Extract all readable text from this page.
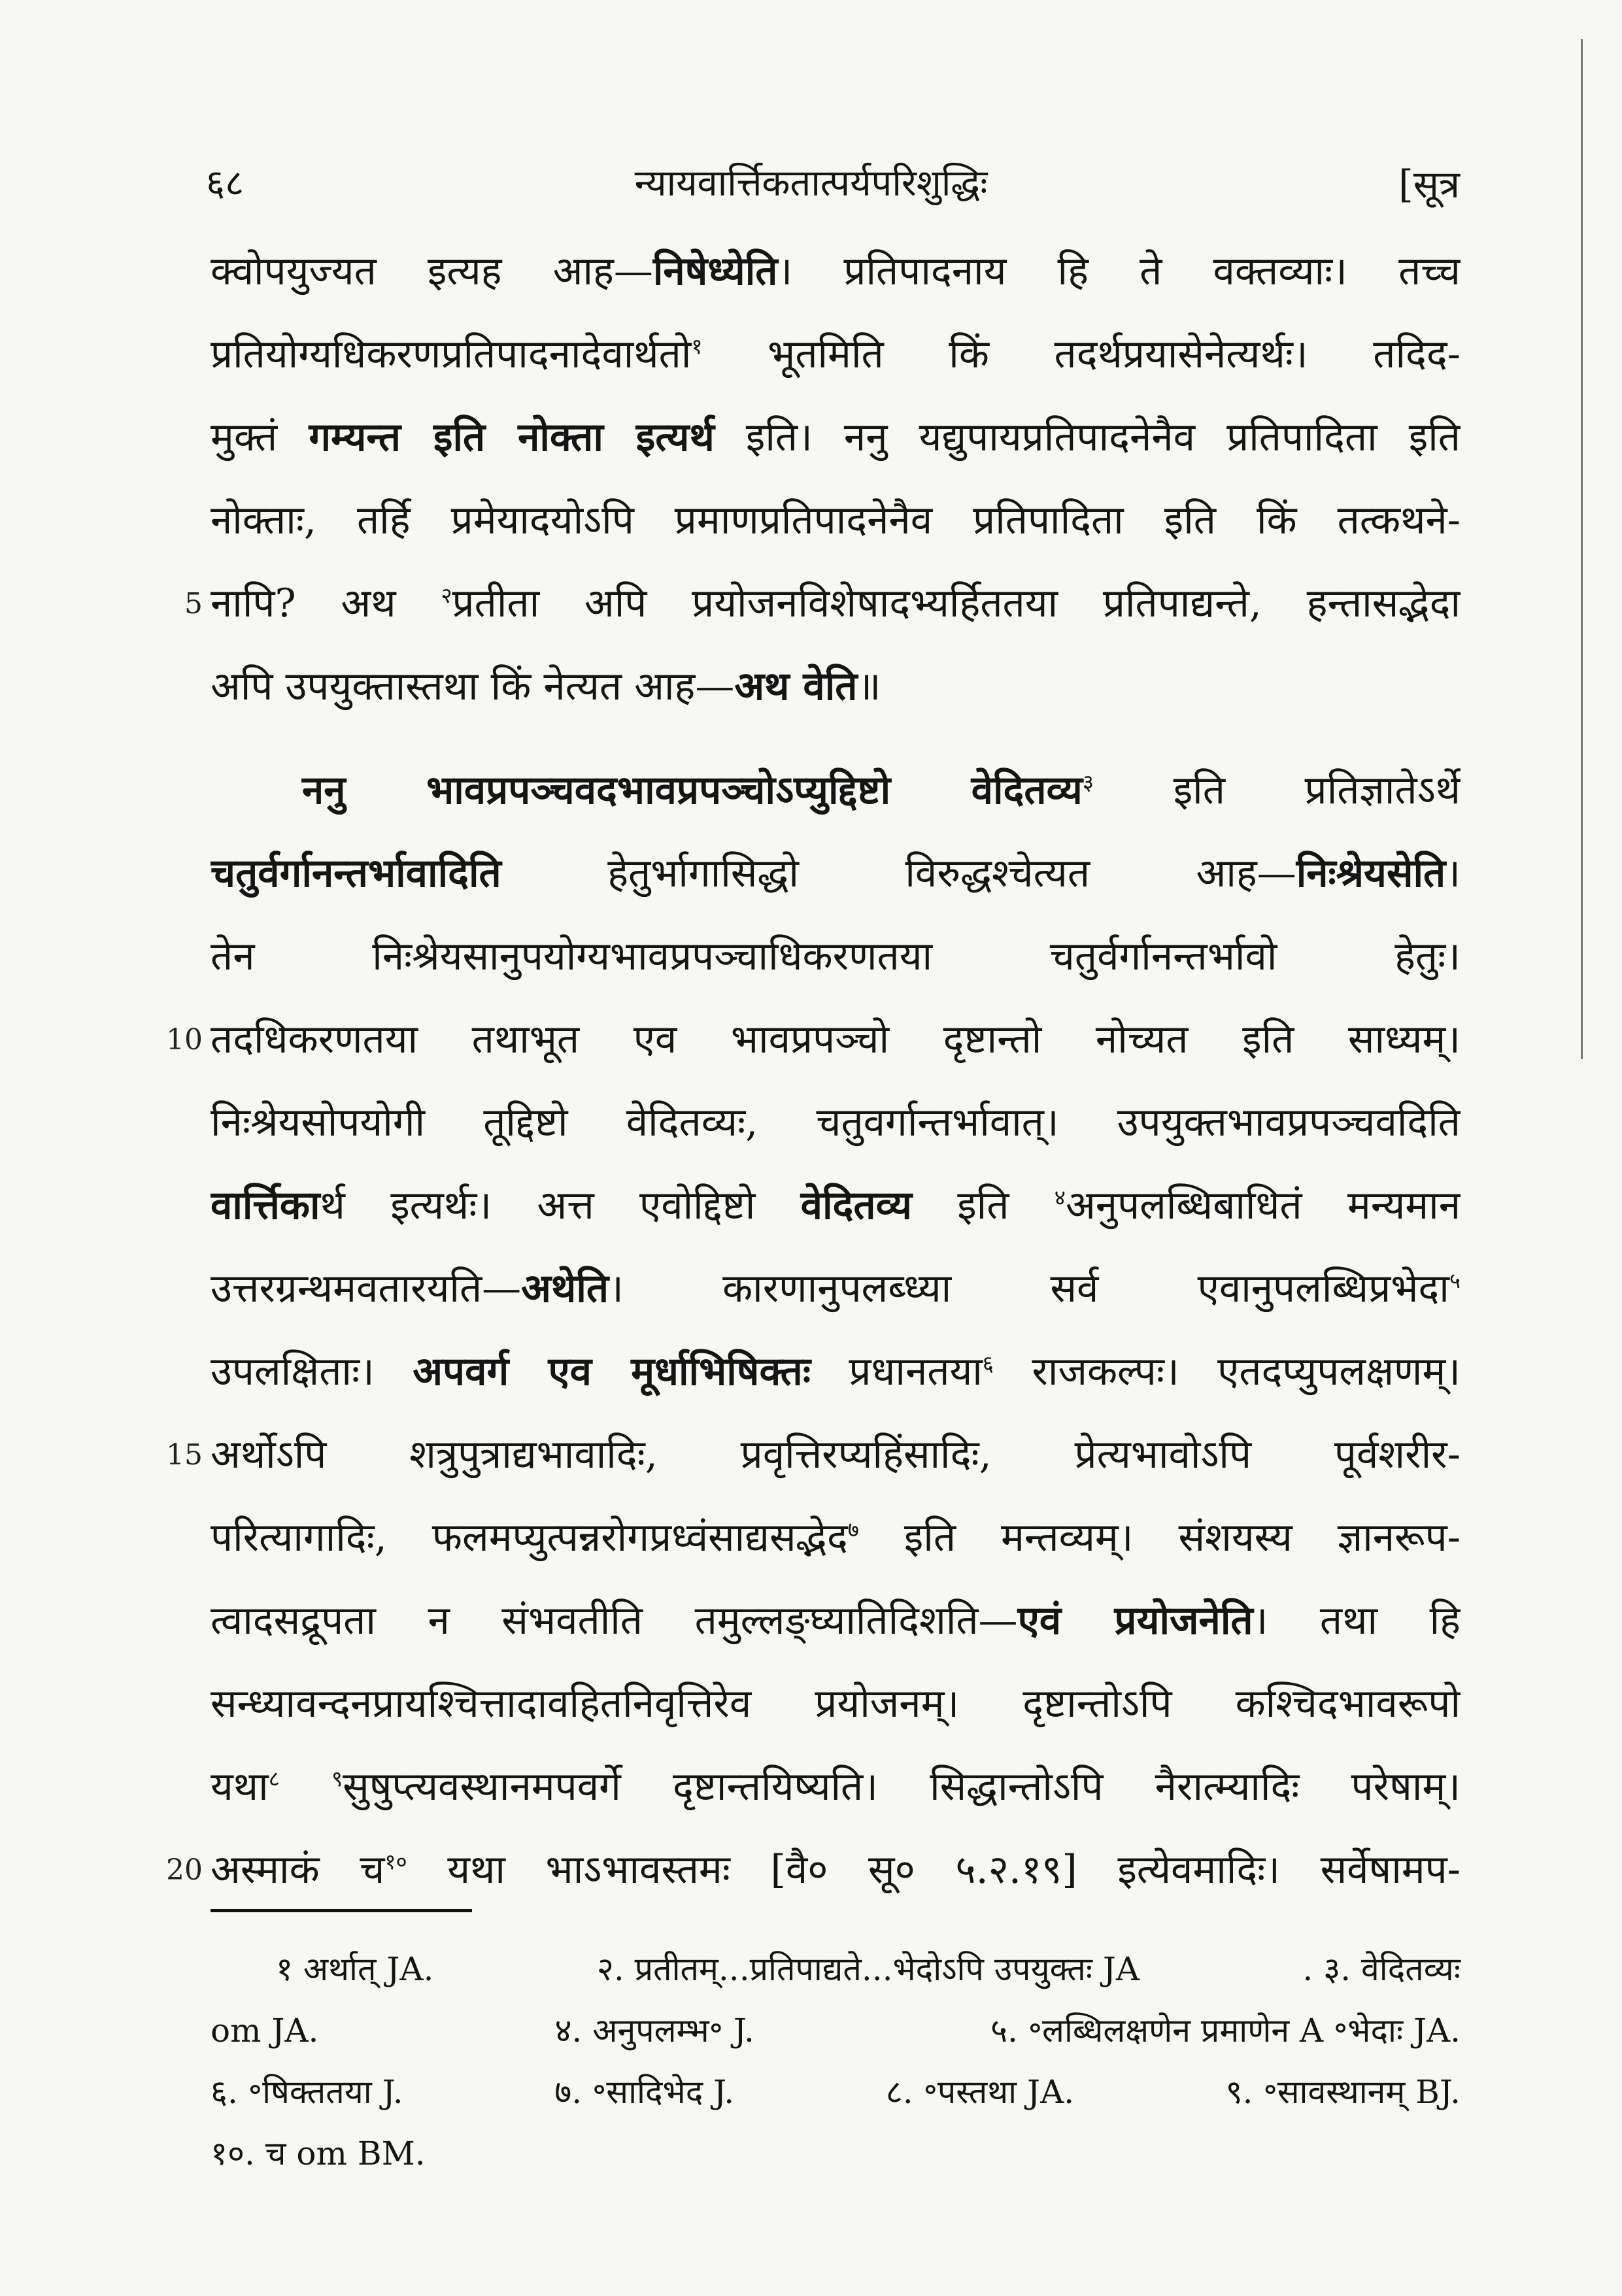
६८	न्यायवार्त्तिकतात्पर्यपरिशुद्धिः	[सूत्र
क्वोपयुज्यत इत्यह आह—निषेध्येति। प्रतिपादनाय हि ते वक्तव्याः। तच्च
प्रतियोग्यधिकरणप्रतिपादनादेवार्थतो$^१$ भूतमिति किं तदर्थप्रयासेनेत्यर्थः। तदिद-
मुक्तं गम्यन्त इति नोक्ता इत्यर्थ इति। ननु यद्युपायप्रतिपादनेनैव प्रतिपादिता इति
नोक्ताः, तर्हि प्रमेयादयोऽपि प्रमाणप्रतिपादनेनैव प्रतिपादिता इति किं तत्कथने-
नापि? अथ $^२$प्रतीता अपि प्रयोजनविशेषादभ्यर्हिततया प्रतिपाद्यन्ते, हन्तासद्भेदा
अपि उपयुक्तास्तथा किं नेत्यत आह—अथ वेति॥
ननु भावप्रपञ्चवदभावप्रपञ्चोऽप्युद्दिष्टो वेदितव्य$^३$ इति प्रतिज्ञातेऽर्थे
चतुर्वर्गानन्तर्भावादिति हेतुर्भागासिद्धो विरुद्धश्चेत्यत आह—निःश्रेयसेति।
तेन निःश्रेयसानुपयोग्यभावप्रपञ्चाधिकरणतया चतुर्वर्गानन्तर्भावो हेतुः।
तदधिकरणतया तथाभूत एव भावप्रपञ्चो दृष्टान्तो नोच्यत इति साध्यम्।
निःश्रेयसोपयोगी तूद्दिष्टो वेदितव्यः, चतुवर्गान्तर्भावात्। उपयुक्तभावप्रपञ्चवदिति
वार्त्तिकार्थ इत्यर्थः। अत्त एवोद्दिष्टो वेदितव्य इति $^४$अनुपलब्धिबाधितं मन्यमान
उत्तरग्रन्थमवतारयति—अथेति। कारणानुपलब्ध्या सर्व एवानुपलब्धिप्रभेदा$^५$
उपलक्षिताः। अपवर्ग एव मूर्धाभिषिक्तः प्रधानतया$^६$ राजकल्पः। एतदप्युपलक्षणम्।
अर्थोऽपि शत्रुपुत्राद्यभावादिः, प्रवृत्तिरप्यहिंसादिः, प्रेत्यभावोऽपि पूर्वशरीर-
परित्यागादिः, फलमप्युत्पन्नरोगप्रध्वंसाद्यसद्भेद$^७$ इति मन्तव्यम्। संशयस्य ज्ञानरूप-
त्वादसद्रूपता न संभवतीति तमुल्लङ्घ्यातिदिशति—एवं प्रयोजनेति। तथा हि
सन्ध्यावन्दनप्रायश्चित्तादावहितनिवृत्तिरेव प्रयोजनम्। दृष्टान्तोऽपि कश्चिदभावरूपो
यथा$^८$ $^९$सुषुप्त्यवस्थानमपवर्गे दृष्टान्तयिष्यति। सिद्धान्तोऽपि नैरात्म्यादिः परेषाम्।
अस्माकं च$^{१०}$ यथा भाऽभावस्तमः [वै० सू० ५.२.१९] इत्येवमादिः। सर्वेषामप-
5
10
15
20
१ अर्थात् JA.	२. प्रतीतम्...प्रतिपाद्यते...भेदोऽपि उपयुक्तः JA	. ३. वेदितव्यः
om JA.	४. अनुपलम्भ॰ J.	५. ॰लब्धिलक्षणेन प्रमाणेन A ॰भेदाः JA.
६. ॰षिक्ततया J.	७. ॰सादिभेद J.	८. ॰पस्तथा JA.	९. ॰सावस्थानम् BJ.
१०. च om BM.
